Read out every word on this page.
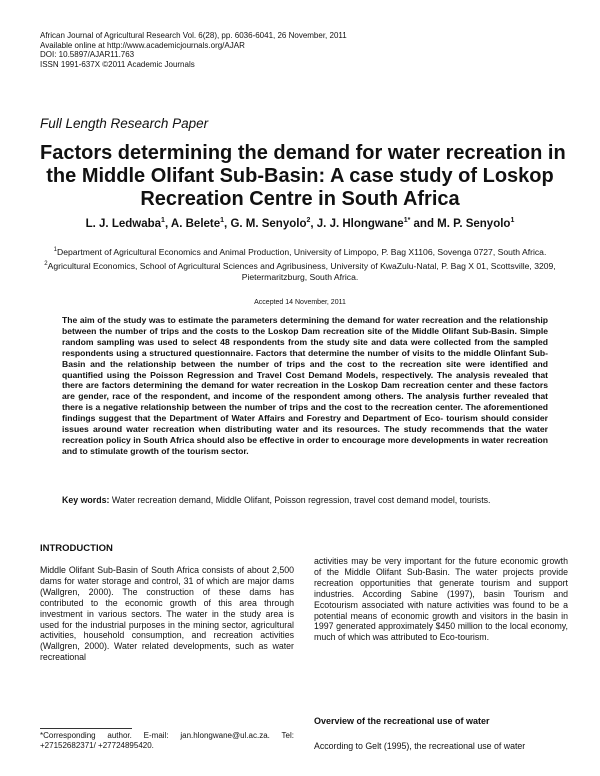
African Journal of Agricultural Research Vol. 6(28), pp. 6036-6041, 26 November, 2011
Available online at http://www.academicjournals.org/AJAR
DOI: 10.5897/AJAR11.763
ISSN 1991-637X ©2011 Academic Journals
Full Length Research Paper
Factors determining the demand for water recreation in
the Middle Olifant Sub-Basin: A case study of Loskop
Recreation Centre in South Africa
L. J. Ledwaba$^1$, A. Belete$^1$, G. M. Senyolo$^2$, J. J. Hlongwane$^{1*}$ and M. P. Senyolo$^1$
$^1$Department of Agricultural Economics and Animal Production, University of Limpopo, P. Bag X1106, Sovenga 0727, South Africa.
$^2$Agricultural Economics, School of Agricultural Sciences and Agribusiness, University of KwaZulu-Natal, P. Bag X 01, Scottsville, 3209, Pietermaritzburg, South Africa.
Accepted 14 November, 2011
The aim of the study was to estimate the parameters determining the demand for water recreation and the relationship between the number of trips and the costs to the Loskop Dam recreation site of the Middle Olifant Sub-Basin. Simple random sampling was used to select 48 respondents from the study site and data were collected from the sampled respondents using a structured questionnaire. Factors that determine the number of visits to the middle Olinfant Sub-Basin and the relationship between the number of trips and the cost to the recreation site were identified and quantified using the Poisson Regression and Travel Cost Demand Models, respectively. The analysis revealed that there are factors determining the demand for water recreation in the Loskop Dam recreation center and these factors are gender, race of the respondent, and income of the respondent among others. The analysis further revealed that there is a negative relationship between the number of trips and the cost to the recreation center. The aforementioned findings suggest that the Department of Water Affairs and Forestry and Department of Eco- tourism should consider issues around water recreation when distributing water and its resources. The study recommends that the water recreation policy in South Africa should also be effective in order to encourage more developments in water recreation and to stimulate growth of the tourism sector.
Key words: Water recreation demand, Middle Olifant, Poisson regression, travel cost demand model, tourists.
INTRODUCTION
Middle Olifant Sub-Basin of South Africa consists of about 2,500 dams for water storage and control, 31 of which are major dams (Wallgren, 2000). The construction of these dams has contributed to the economic growth of this area through investment in various sectors. The water in the study area is used for the industrial purposes in the mining sector, agricultural activities, household consumption, and recreation activities (Wallgren, 2000). Water related developments, such as water recreational
*Corresponding author. E-mail: jan.hlongwane@ul.ac.za. Tel: +27152682371/ +27724895420.
activities may be very important for the future economic growth of the Middle Olifant Sub-Basin. The water projects provide recreation opportunities that generate tourism and support industries. According Sabine (1997), basin Tourism and Ecotourism associated with nature activities was found to be a potential means of economic growth and visitors in the basin in 1997 generated approximately $450 million to the local economy, much of which was attributed to Eco-tourism.
Overview of the recreational use of water
According to Gelt (1995), the recreational use of water
